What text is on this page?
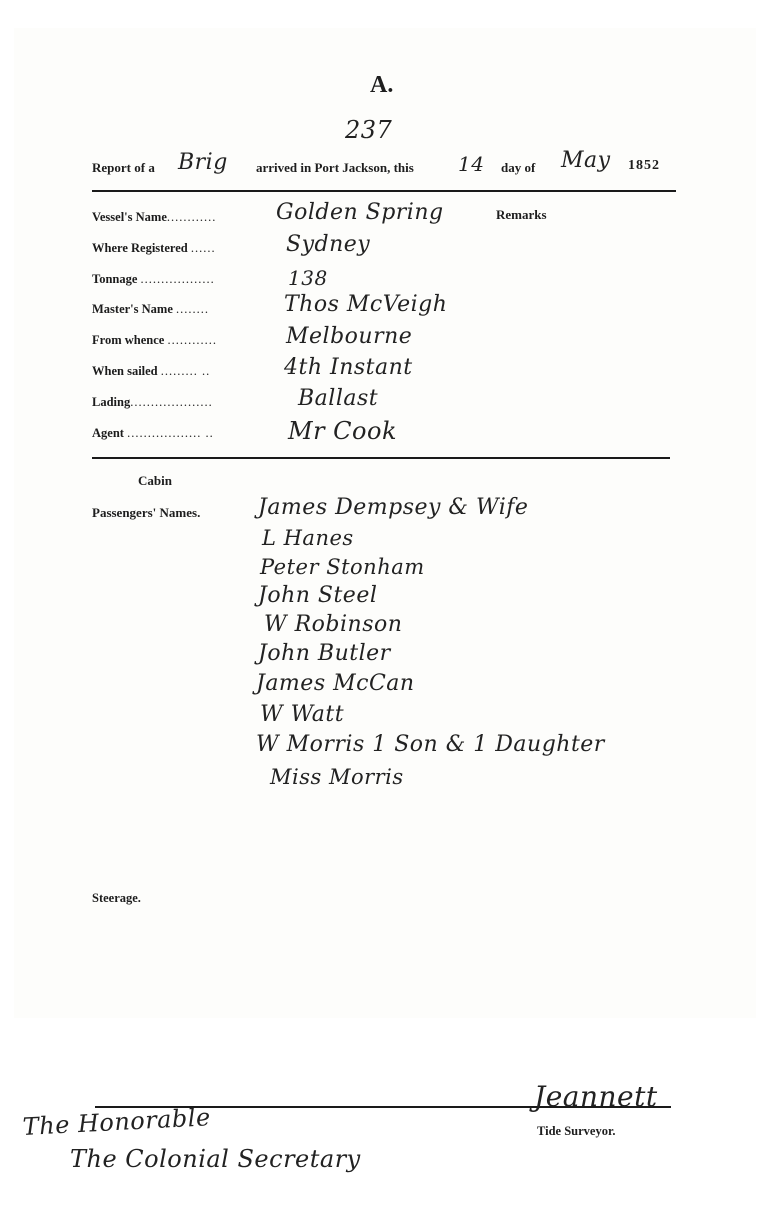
A.
237
Report of a Brig arrived in Port Jackson, this 14 day of May 1852
Remarks
Vessel's Name............	Golden Spring
Where Registered ......	Sydney
Tonnage ..................	138
Master's Name ........	Thos McVeigh
From whence ............	Melbourne
When sailed ......... ..	4th Instant
Lading....................	Ballast
Agent .................. ..	Mr Cook
Cabin
Passengers' Names.	James Dempsey & Wife
L Hanes
Peter Stonham
John Steel
W Robinson
John Butler
James McCan
W Watt
W Morris 1 Son & 1 Daughter
Miss Morris
Steerage.
Jeannett
Tide Surveyor.
The Honorable
The Colonial Secretary
